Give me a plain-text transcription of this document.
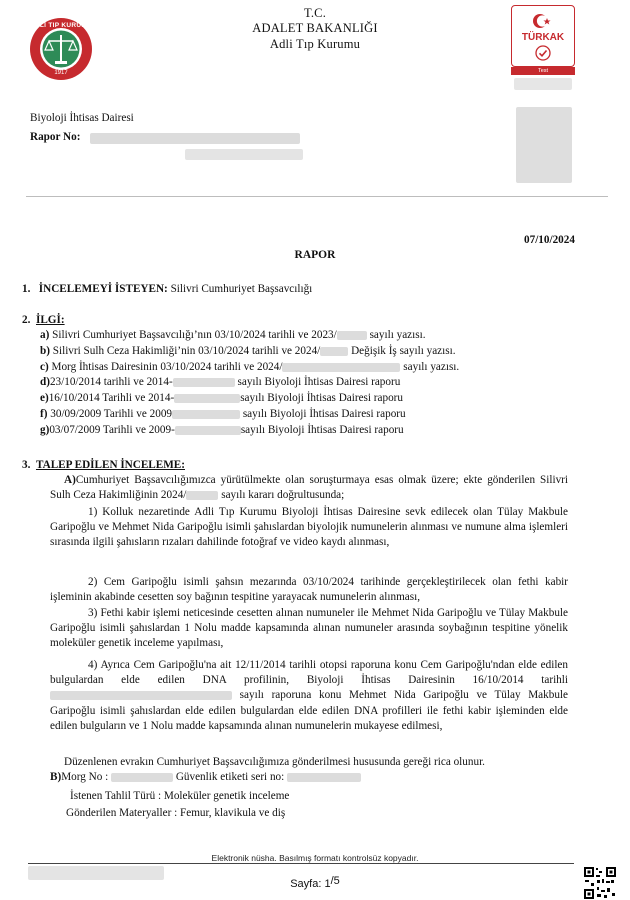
ADLİ TIP KURUMU
1917
T.C.
ADALET BAKANLIĞI
Adli Tıp Kurumu	TÜRKAK
Test
Biyoloji İhtisas Dairesi
Rapor No:
07/10/2024
RAPOR
1. İNCELEMEYİ İSTEYEN: Silivri Cumhuriyet Başsavcılığı
2. İLGİ:
a) Silivri Cumhuriyet Başsavcılığı’nın 03/10/2024 tarihli ve 2023/	sayılı yazısı.
b) Silivri Sulh Ceza Hakimliği’nin 03/10/2024 tarihli ve 2024/	Değişik İş sayılı yazısı.
c) Morg İhtisas Dairesinin 03/10/2024 tarihli ve 2024/	sayılı yazısı.
d)23/10/2014 tarihli ve 2014-	sayılı Biyoloji İhtisas Dairesi raporu
e)16/10/2014 Tarihli ve 2014-	sayılı Biyoloji İhtisas Dairesi raporu
f) 30/09/2009 Tarihli ve 2009	sayılı Biyoloji İhtisas Dairesi raporu
g)03/07/2009 Tarihli ve 2009-	sayılı Biyoloji İhtisas Dairesi raporu
3. TALEP EDİLEN İNCELEME:
A)Cumhuriyet Başsavcılığımızca yürütülmekte olan soruşturmaya esas olmak üzere; ekte gönderilen Silivri Sulh Ceza Hakimliğinin 2024/	sayılı kararı doğrultusunda;
1) Kolluk nezaretinde Adli Tıp Kurumu Biyoloji İhtisas Dairesine sevk edilecek olan Tülay Makbule Garipoğlu ve Mehmet Nida Garipoğlu isimli şahıslardan biyolojik numunelerin alınması ve numune alma işlemleri sırasında ilgili şahısların rızaları dahilinde fotoğraf ve video kaydı alınması,
2) Cem Garipoğlu isimli şahsın mezarında 03/10/2024 tarihinde gerçekleştirilecek olan fethi kabir işleminin akabinde cesetten soy bağının tespitine yarayacak numunelerin alınması,
3) Fethi kabir işlemi neticesinde cesetten alınan numuneler ile Mehmet Nida Garipoğlu ve Tülay Makbule Garipoğlu isimli şahıslardan 1 Nolu madde kapsamında alınan numuneler arasında soybağının tespitine yönelik moleküler genetik inceleme yapılması,
4) Ayrıca Cem Garipoğlu'na ait 12/11/2014 tarihli otopsi raporuna konu Cem Garipoğlu'ndan elde edilen bulgulardan elde edilen DNA profilinin, Biyoloji İhtisas Dairesinin 16/10/2014 tarihli  sayılı raporuna konu Mehmet Nida Garipoğlu ve Tülay Makbule Garipoğlu isimli şahıslardan elde edilen bulgulardan elde edilen DNA profilleri ile fethi kabir işleminden elde edilen bulguların ve 1 Nolu madde kapsamında alınan numunelerin mukayese edilmesi,
Düzenlenen evrakın Cumhuriyet Başsavcılığımıza gönderilmesi hususunda gereği rica olunur.
B)Morg No :	Güvenlik etiketi seri no:
İstenen Tahlil Türü : Moleküler genetik inceleme
Gönderilen Materyaller : Femur, klavikula ve diş
Elektronik nüsha. Basılmış formatı kontrolsüz kopyadır.
Sayfa: 1/5
